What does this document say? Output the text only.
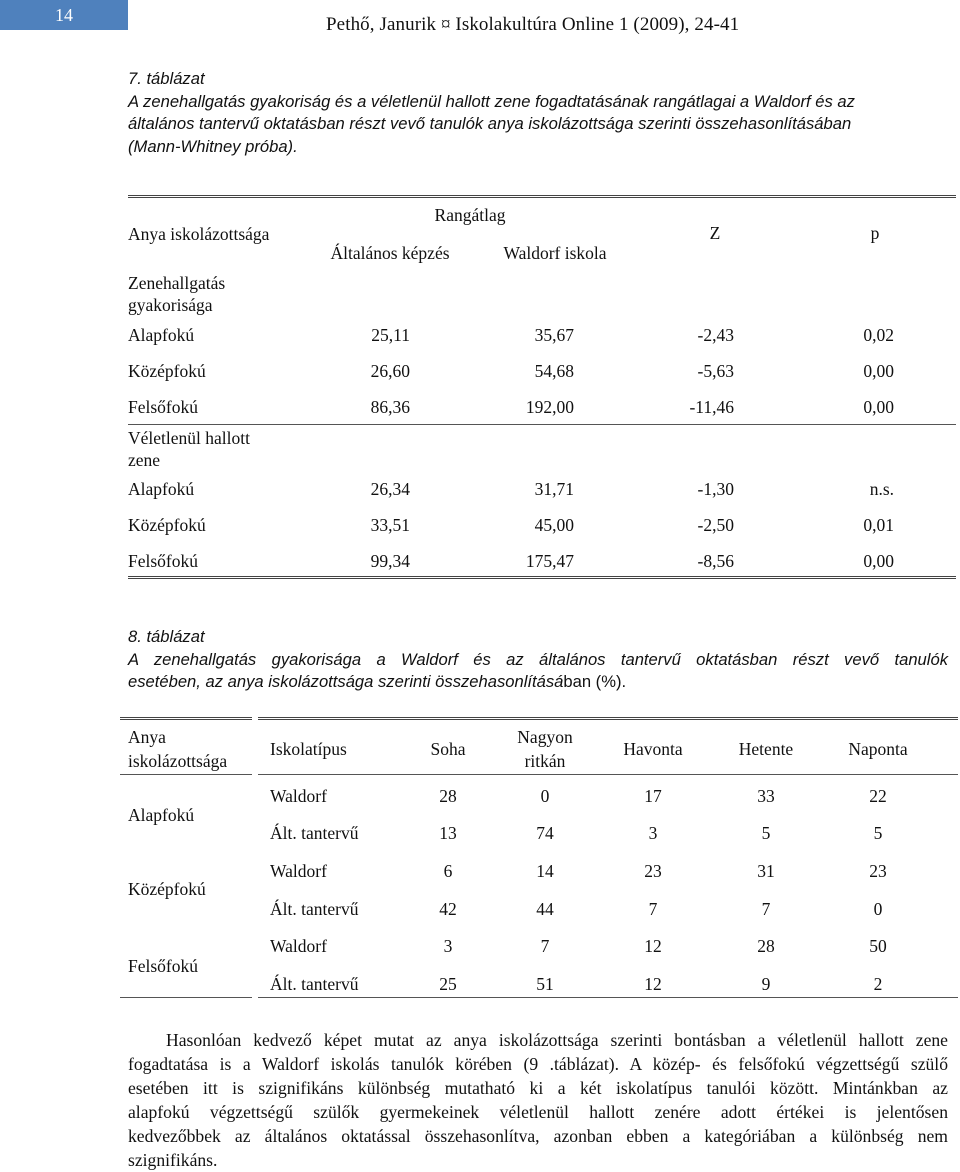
14	Pethő, Janurik ¤ Iskolakultúra Online 1 (2009), 24-41
7. táblázat
A zenehallgatás gyakoriság és a véletlenül hallott zene fogadtatásának rangátlagai a Waldorf és az
általános tantervű oktatásban részt vevő tanulók anya iskolázottsága szerinti összehasonlításában
(Mann-Whitney próba).
Anya iskolázottsága
Rangátlag
Általános képzés	Waldorf iskola
Z	p
Zenehallgatás
gyakorisága
Alapfokú	25,11	35,67	-2,43	0,02
Középfokú	26,60	54,68	-5,63	0,00
Felsőfokú	86,36	192,00	-11,46	0,00
Véletlenül hallott
zene
Alapfokú	26,34	31,71	-1,30	n.s.
Középfokú	33,51	45,00	-2,50	0,01
Felsőfokú	99,34	175,47	-8,56	0,00
8. táblázat
A zenehallgatás gyakorisága a Waldorf és az általános tantervű oktatásban részt vevő tanulók
esetében, az anya iskolázottsága szerinti összehasonlításában (%).
Anya
iskolázottsága
Iskolatípus	Soha
Nagyon
ritkán
Havonta	Hetente	Naponta
Alapfokú
Waldorf	28	0	17	33	22
Ált. tantervű	13	74	3	5	5
Középfokú
Waldorf	6	14	23	31	23
Ált. tantervű	42	44	7	7	0
Felsőfokú
Waldorf	3	7	12	28	50
Ált. tantervű	25	51	12	9	2
Hasonlóan kedvező képet mutat az anya iskolázottsága szerinti bontásban a véletlenül hallott zene
fogadtatása is a Waldorf iskolás tanulók körében (9 .táblázat). A közép- és felsőfokú végzettségű szülő
esetében itt is szignifikáns különbség mutatható ki a két iskolatípus tanulói között. Mintánkban az
alapfokú végzettségű szülők gyermekeinek véletlenül hallott zenére adott értékei is jelentősen
kedvezőbbek az általános oktatással összehasonlítva, azonban ebben a kategóriában a különbség nem
szignifikáns.
